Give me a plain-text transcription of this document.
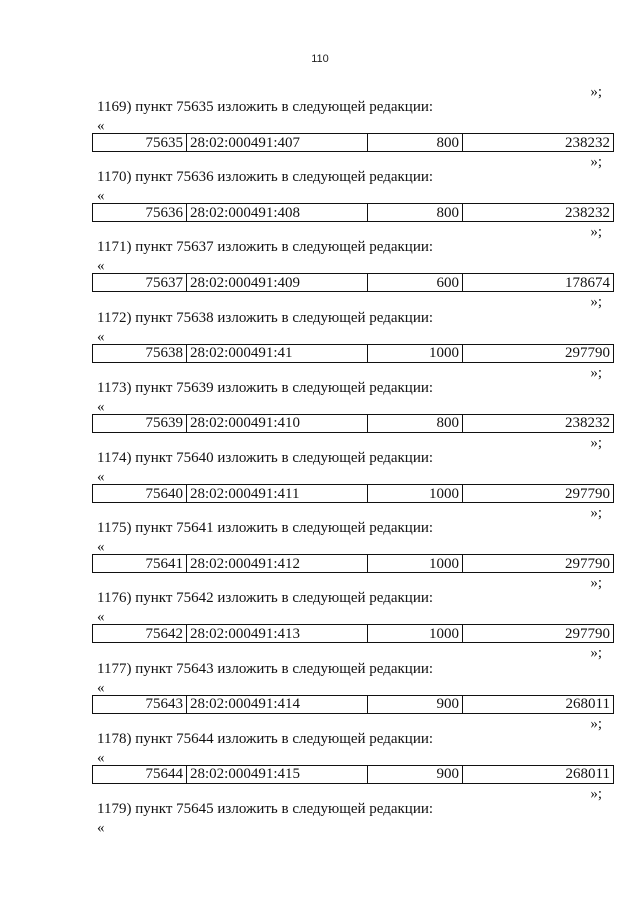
110
»;
1169) пункт 75635 изложить в следующей редакции:
«
75635	28:02:000491:407	800	238232
»;
1170) пункт 75636 изложить в следующей редакции:
«
75636	28:02:000491:408	800	238232
»;
1171) пункт 75637 изложить в следующей редакции:
«
75637	28:02:000491:409	600	178674
»;
1172) пункт 75638 изложить в следующей редакции:
«
75638	28:02:000491:41	1000	297790
»;
1173) пункт 75639 изложить в следующей редакции:
«
75639	28:02:000491:410	800	238232
»;
1174) пункт 75640 изложить в следующей редакции:
«
75640	28:02:000491:411	1000	297790
»;
1175) пункт 75641 изложить в следующей редакции:
«
75641	28:02:000491:412	1000	297790
»;
1176) пункт 75642 изложить в следующей редакции:
«
75642	28:02:000491:413	1000	297790
»;
1177) пункт 75643 изложить в следующей редакции:
«
75643	28:02:000491:414	900	268011
»;
1178) пункт 75644 изложить в следующей редакции:
«
75644	28:02:000491:415	900	268011
»;
1179) пункт 75645 изложить в следующей редакции:
«
